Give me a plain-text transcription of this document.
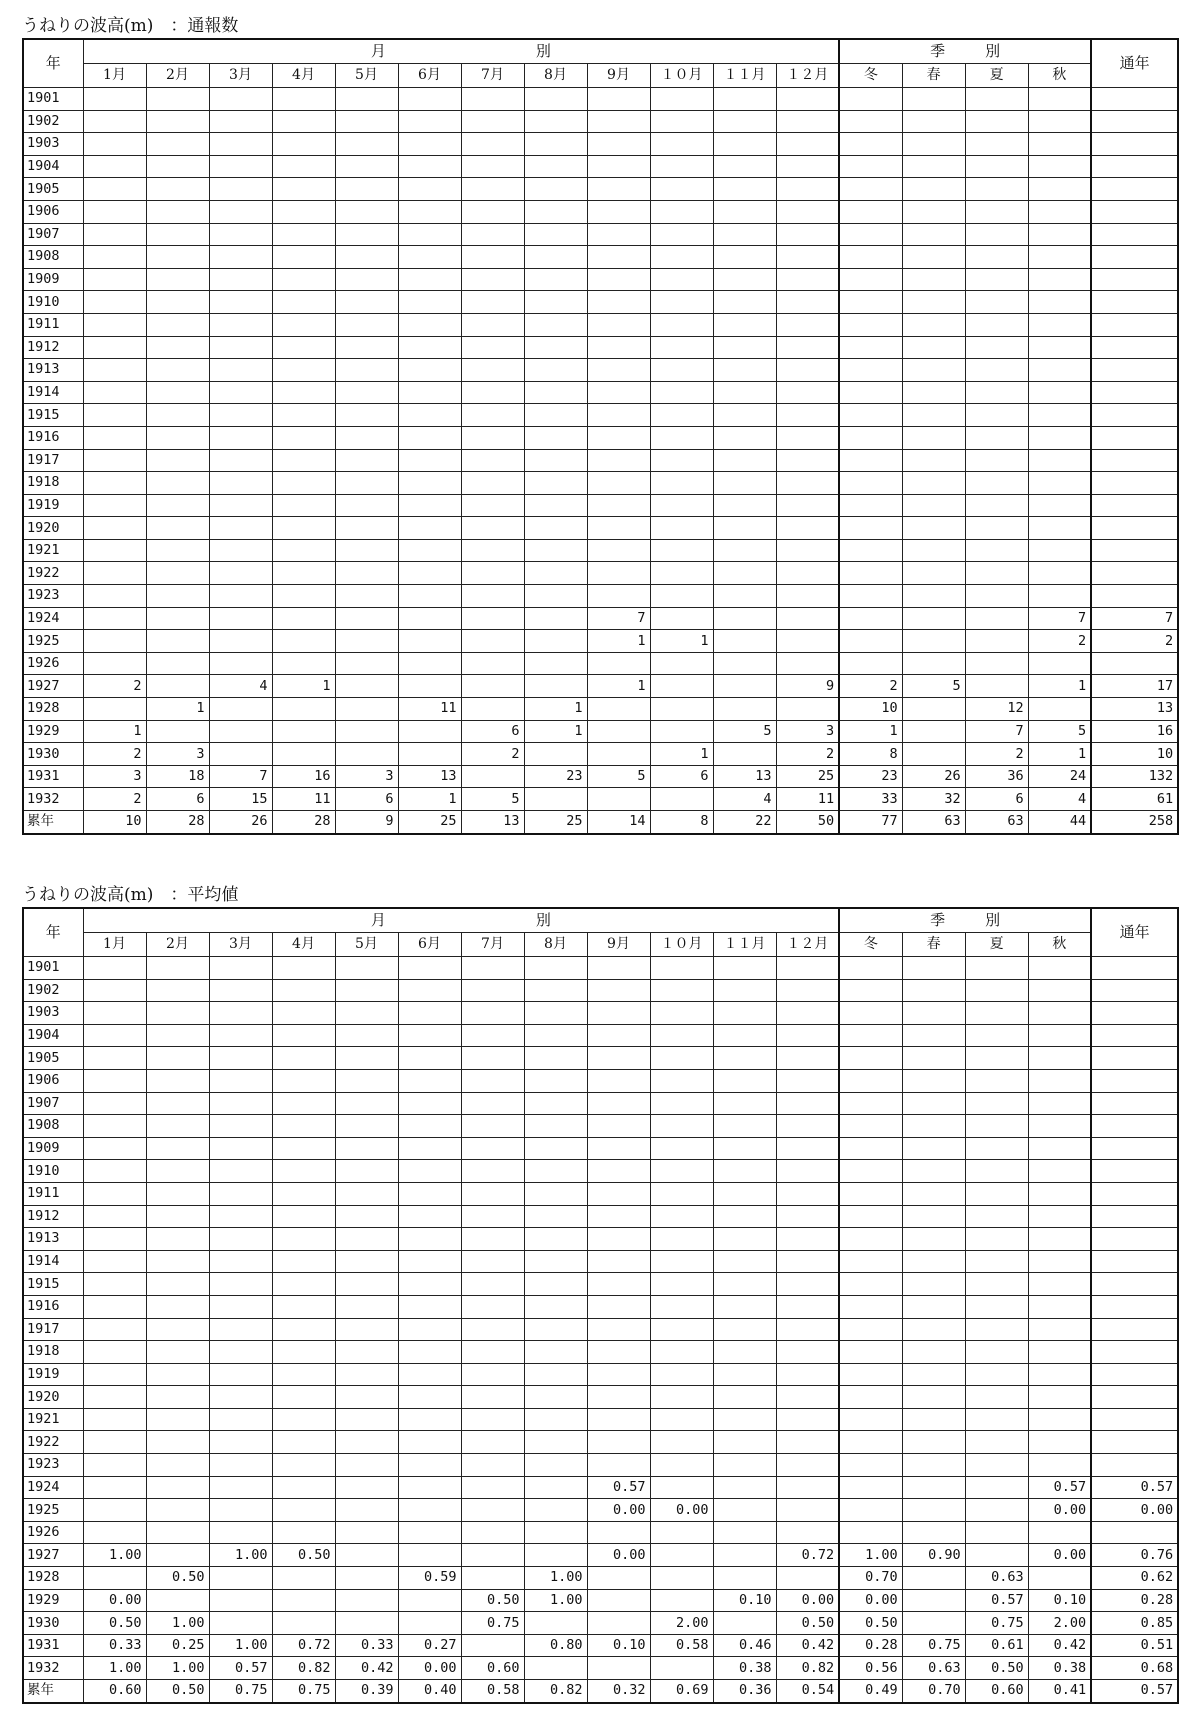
うねりの波高(m)　：通報数
年	月 別												季 別				通年
	1月	2月	3月	4月	5月	6月	7月	8月	9月	１０月	１１月	１２月	冬	春	夏	秋	
1901																	
1902																	
1903																	
1904																	
1905																	
1906																	
1907																	
1908																	
1909																	
1910																	
1911																	
1912																	
1913																	
1914																	
1915																	
1916																	
1917																	
1918																	
1919																	
1920																	
1921																	
1922																	
1923																	
1924									7							7	7
1925									1	1						2	2
1926																	
1927	2		4	1					1			9	2	5		1	17
1928		1				11		1					10		12		13
1929	1						6	1			5	3	1		7	5	16
1930	2	3					2			1		2	8		2	1	10
1931	3	18	7	16	3	13		23	5	6	13	25	23	26	36	24	132
1932	2	6	15	11	6	1	5				4	11	33	32	6	4	61
累年	10	28	26	28	9	25	13	25	14	8	22	50	77	63	63	44	258
うねりの波高(m)　：平均値
年	月 別												季 別				通年
	1月	2月	3月	4月	5月	6月	7月	8月	9月	１０月	１１月	１２月	冬	春	夏	秋	
1901																	
1902																	
1903																	
1904																	
1905																	
1906																	
1907																	
1908																	
1909																	
1910																	
1911																	
1912																	
1913																	
1914																	
1915																	
1916																	
1917																	
1918																	
1919																	
1920																	
1921																	
1922																	
1923																	
1924									0.57							0.57	0.57
1925									0.00	0.00						0.00	0.00
1926																	
1927	1.00		1.00	0.50					0.00			0.72	1.00	0.90		0.00	0.76
1928		0.50				0.59		1.00					0.70		0.63		0.62
1929	0.00						0.50	1.00			0.10	0.00	0.00		0.57	0.10	0.28
1930	0.50	1.00					0.75			2.00		0.50	0.50		0.75	2.00	0.85
1931	0.33	0.25	1.00	0.72	0.33	0.27		0.80	0.10	0.58	0.46	0.42	0.28	0.75	0.61	0.42	0.51
1932	1.00	1.00	0.57	0.82	0.42	0.00	0.60				0.38	0.82	0.56	0.63	0.50	0.38	0.68
累年	0.60	0.50	0.75	0.75	0.39	0.40	0.58	0.82	0.32	0.69	0.36	0.54	0.49	0.70	0.60	0.41	0.57
